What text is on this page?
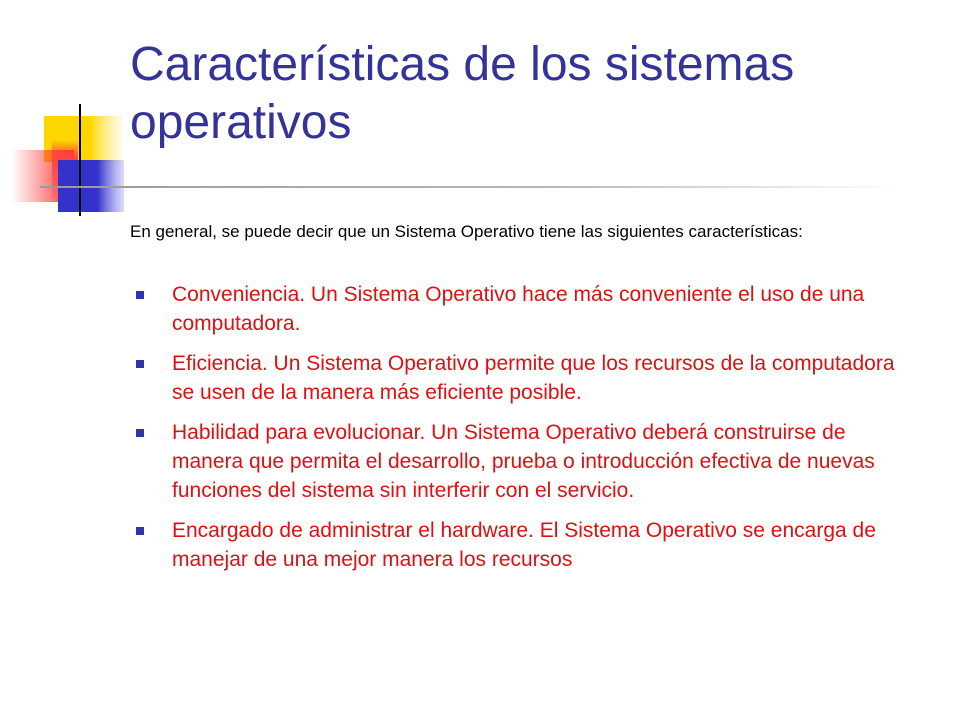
Características de los sistemas operativos

En general, se puede decir que un Sistema Operativo tiene las siguientes características:

Conveniencia. Un Sistema Operativo hace más conveniente el uso de una computadora.
Eficiencia. Un Sistema Operativo permite que los recursos de la computadora se usen de la manera más eficiente posible.
Habilidad para evolucionar. Un Sistema Operativo deberá construirse de manera que permita el desarrollo, prueba o introducción efectiva de nuevas funciones del sistema sin interferir con el servicio.
Encargado de administrar el hardware. El Sistema Operativo se encarga de manejar de una mejor manera los recursos
